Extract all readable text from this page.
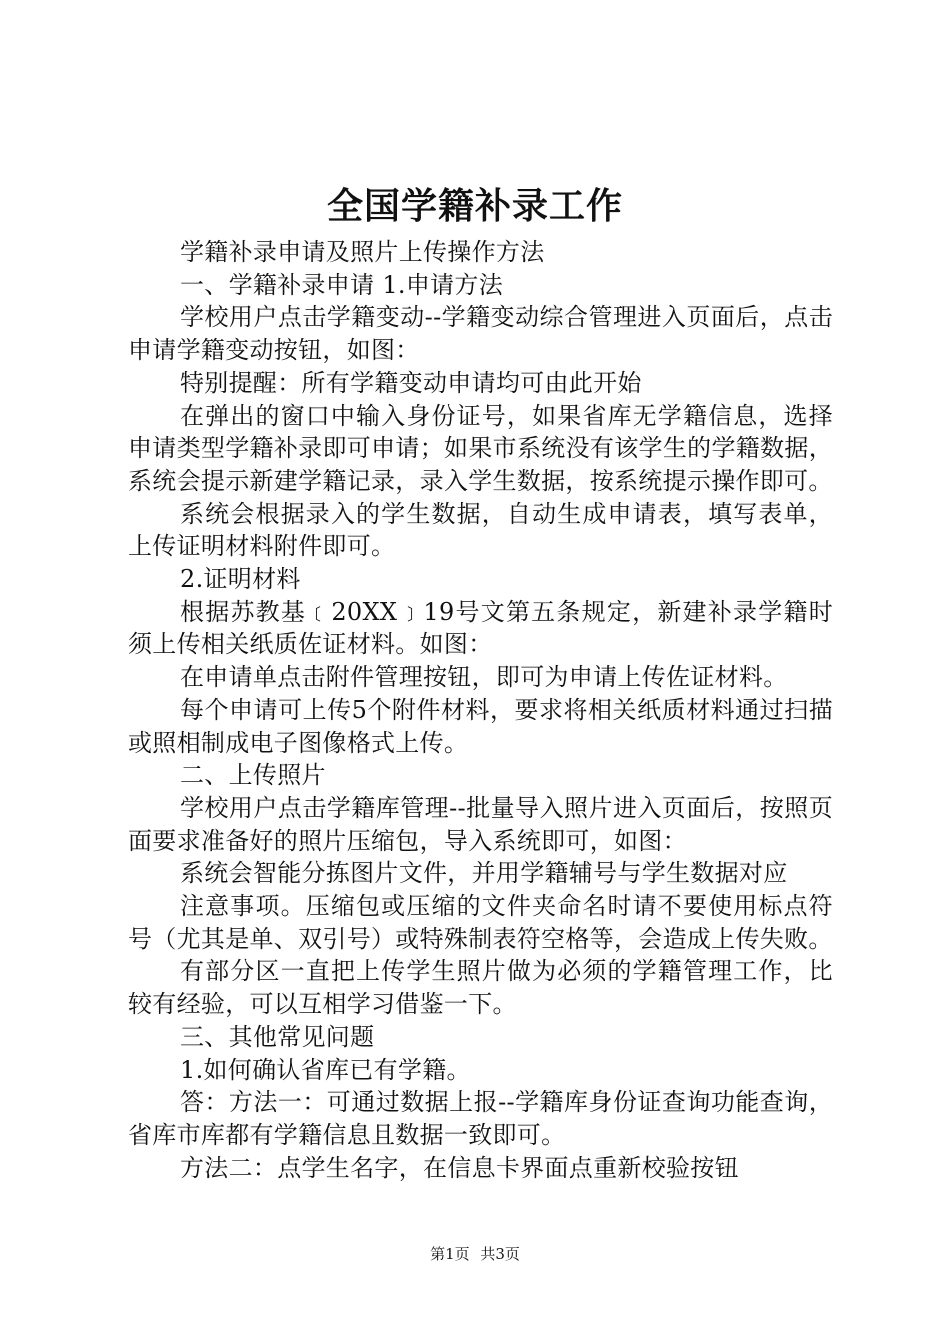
全国学籍补录工作

学籍补录申请及照片上传操作方法

一、学籍补录申请 1.申请方法

学校用户点击学籍变动--学籍变动综合管理进入页面后，点击申请学籍变动按钮，如图：

特别提醒：所有学籍变动申请均可由此开始

在弹出的窗口中输入身份证号，如果省库无学籍信息，选择申请类型学籍补录即可申请；如果市系统没有该学生的学籍数据，系统会提示新建学籍记录，录入学生数据，按系统提示操作即可。

系统会根据录入的学生数据，自动生成申请表，填写表单，上传证明材料附件即可。

2.证明材料

根据苏教基﹝20XX﹞19号文第五条规定，新建补录学籍时须上传相关纸质佐证材料。如图：

在申请单点击附件管理按钮，即可为申请上传佐证材料。

每个申请可上传5个附件材料，要求将相关纸质材料通过扫描或照相制成电子图像格式上传。

二、上传照片

学校用户点击学籍库管理--批量导入照片进入页面后，按照页面要求准备好的照片压缩包，导入系统即可，如图：

系统会智能分拣图片文件，并用学籍辅号与学生数据对应

注意事项。压缩包或压缩的文件夹命名时请不要使用标点符号（尤其是单、双引号）或特殊制表符空格等，会造成上传失败。

有部分区一直把上传学生照片做为必须的学籍管理工作，比较有经验，可以互相学习借鉴一下。

三、其他常见问题

1.如何确认省库已有学籍。

答：方法一：可通过数据上报--学籍库身份证查询功能查询，省库市库都有学籍信息且数据一致即可。

方法二：点学生名字，在信息卡界面点重新校验按钮

第1页 共3页
